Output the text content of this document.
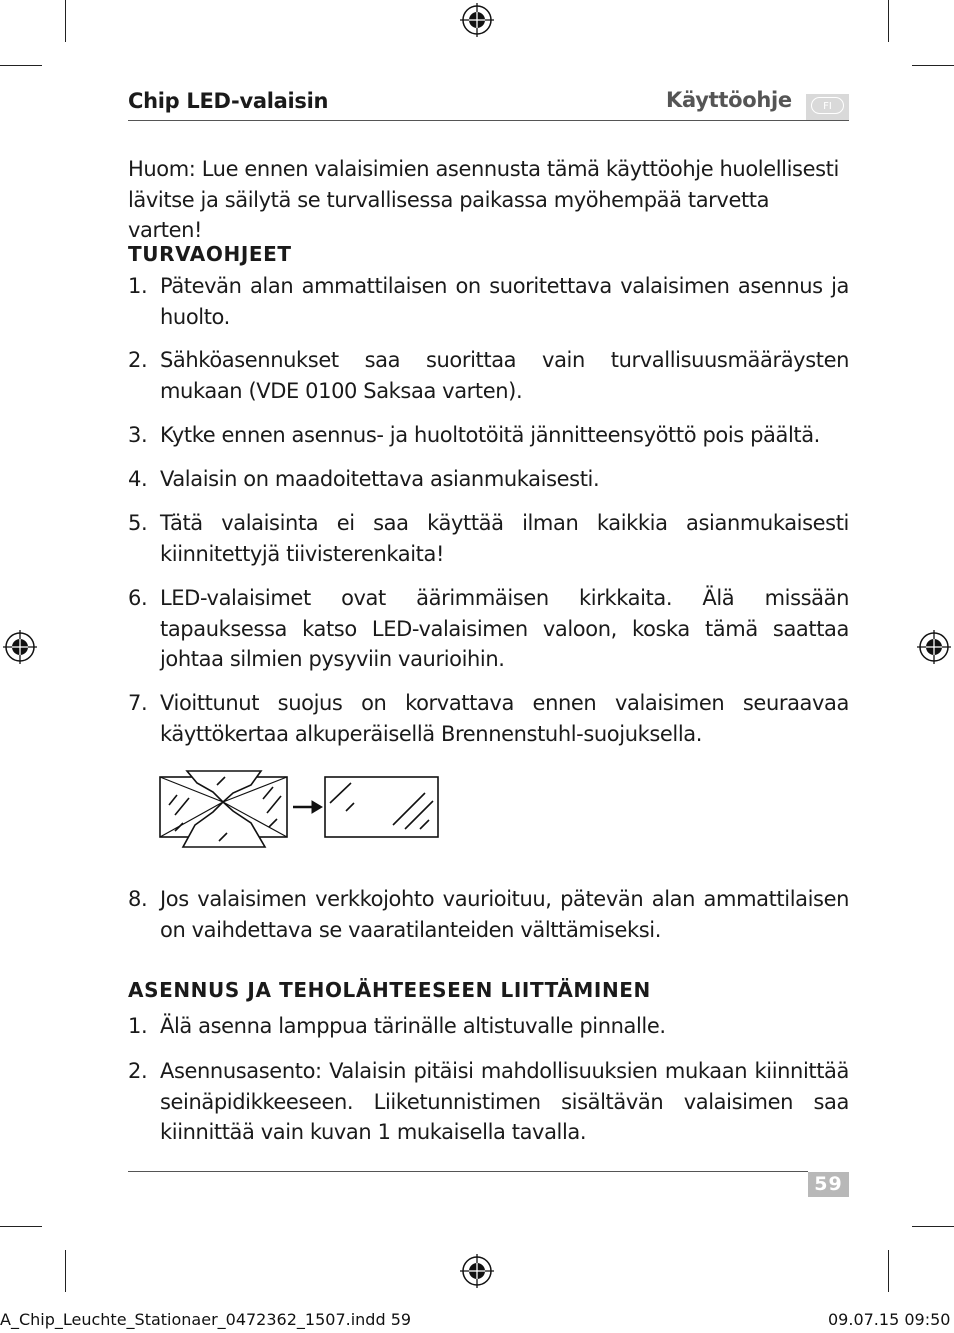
Chip LED-valaisin	Käyttöohje	FI
Huom: Lue ennen valaisimien asennusta tämä käyttöohje huolellisesti lävitse ja säilytä se turvallisessa paikassa myöhempää tarvetta varten!
TURVAOHJEET
1. Pätevän alan ammattilaisen on suoritettava valaisimen asennus ja huolto.
2. Sähköasennukset saa suorittaa vain turvallisuusmääräysten mukaan (VDE 0100 Saksaa varten).
3. Kytke ennen asennus- ja huoltotöitä jännitteensyöttö pois päältä.
4. Valaisin on maadoitettava asianmukaisesti.
5. Tätä valaisinta ei saa käyttää ilman kaikkia asianmukaisesti kiinnitettyjä tiivisterenkaita!
6. LED-valaisimet ovat äärimmäisen kirkkaita. Älä missään tapauksessa katso LED-valaisimen valoon, koska tämä saattaa johtaa silmien pysyviin vaurioihin.
7. Vioittunut suojus on korvattava ennen valaisimen seuraavaa käyttökertaa alkuperäisellä Brennenstuhl-suojuksella.
8. Jos valaisimen verkkojohto vaurioituu, pätevän alan ammattilaisen on vaihdettava se vaaratilanteiden välttämiseksi.
ASENNUS JA TEHOLÄHTEESEEN LIITTÄMINEN
1. Älä asenna lamppua tärinälle altistuvalle pinnalle.
2. Asennusasento: Valaisin pitäisi mahdollisuuksien mukaan kiinnittää seinäpidikkeeseen. Liiketunnistimen sisältävän valaisimen saa kiinnittää vain kuvan 1 mukaisella tavalla.
59
A_Chip_Leuchte_Stationaer_0472362_1507.indd 59	09.07.15 09:50
